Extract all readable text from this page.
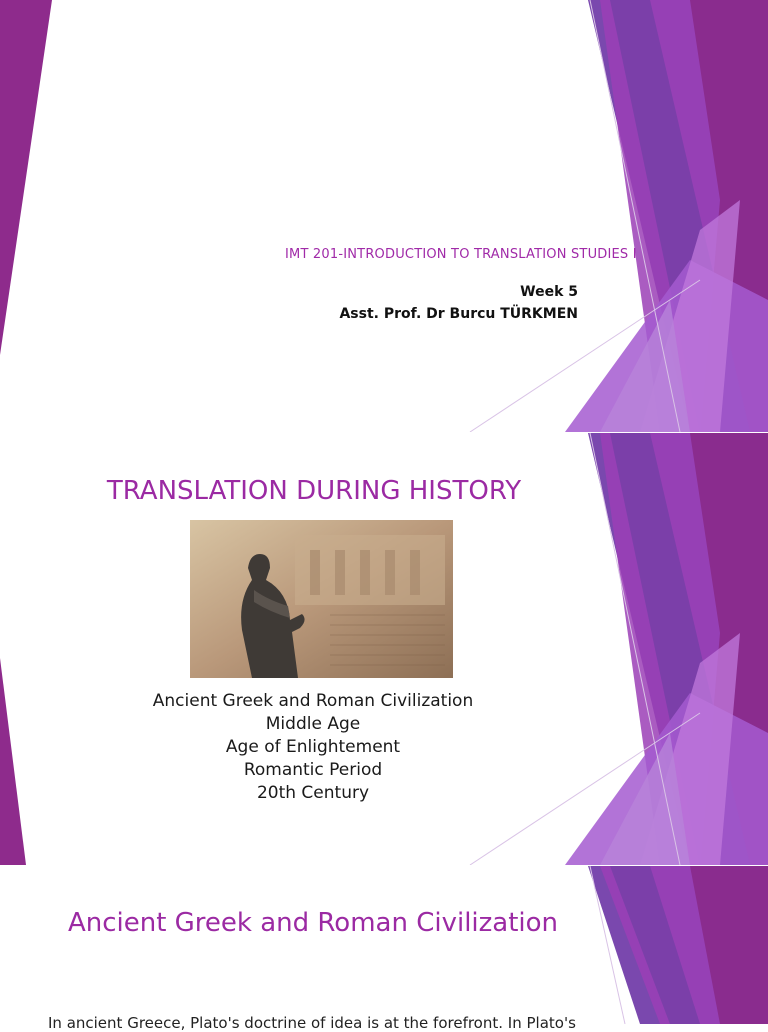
IMT 201-INTRODUCTION TO TRANSLATION STUDIES I
Week 5
Asst. Prof. Dr Burcu TÜRKMEN
TRANSLATION DURING HISTORY
Ancient Greek and Roman Civilization
Middle Age
Age of Enlightement
Romantic Period
20th Century
Ancient Greek and Roman Civilization
In ancient Greece, Plato's doctrine of idea is at the forefront. In Plato's
